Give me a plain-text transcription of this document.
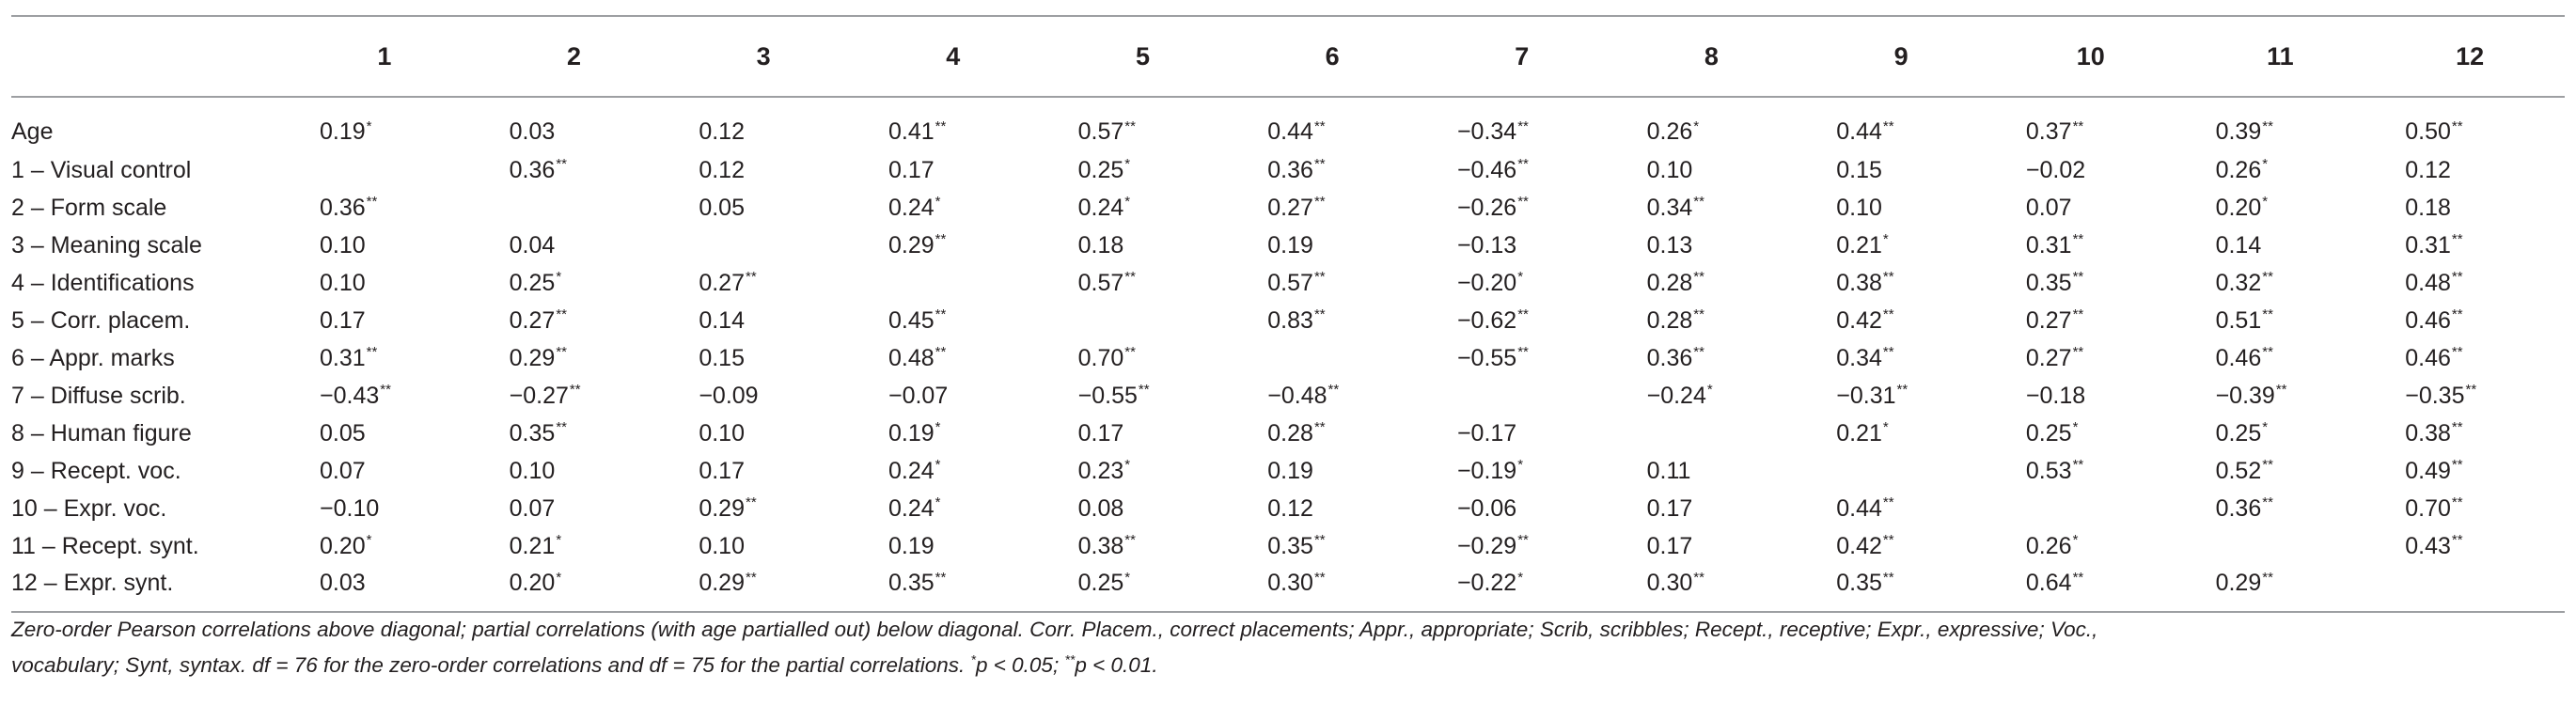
	1	2	3	4	5	6	7	8	9	10	11	12
Age	0.19*	0.03	0.12	0.41**	0.57**	0.44**	−0.34**	0.26*	0.44**	0.37**	0.39**	0.50**
1 – Visual control		0.36**	0.12	0.17	0.25*	0.36**	−0.46**	0.10	0.15	−0.02	0.26*	0.12
2 – Form scale	0.36**		0.05	0.24*	0.24*	0.27**	−0.26**	0.34**	0.10	0.07	0.20*	0.18
3 – Meaning scale	0.10	0.04		0.29**	0.18	0.19	−0.13	0.13	0.21*	0.31**	0.14	0.31**
4 – Identifications	0.10	0.25*	0.27**		0.57**	0.57**	−0.20*	0.28**	0.38**	0.35**	0.32**	0.48**
5 – Corr. placem.	0.17	0.27**	0.14	0.45**		0.83**	−0.62**	0.28**	0.42**	0.27**	0.51**	0.46**
6 – Appr. marks	0.31**	0.29**	0.15	0.48**	0.70**		−0.55**	0.36**	0.34**	0.27**	0.46**	0.46**
7 – Diffuse scrib.	−0.43**	−0.27**	−0.09	−0.07	−0.55**	−0.48**		−0.24*	−0.31**	−0.18	−0.39**	−0.35**
8 – Human figure	0.05	0.35**	0.10	0.19*	0.17	0.28**	−0.17		0.21*	0.25*	0.25*	0.38**
9 – Recept. voc.	0.07	0.10	0.17	0.24*	0.23*	0.19	−0.19*	0.11		0.53**	0.52**	0.49**
10 – Expr. voc.	−0.10	0.07	0.29**	0.24*	0.08	0.12	−0.06	0.17	0.44**		0.36**	0.70**
11 – Recept. synt.	0.20*	0.21*	0.10	0.19	0.38**	0.35**	−0.29**	0.17	0.42**	0.26*		0.43**
12 – Expr. synt.	0.03	0.20*	0.29**	0.35**	0.25*	0.30**	−0.22*	0.30**	0.35**	0.64**	0.29**	
Zero-order Pearson correlations above diagonal; partial correlations (with age partialled out) below diagonal. Corr. Placem., correct placements; Appr., appropriate; Scrib, scribbles; Recept., receptive; Expr., expressive; Voc.,
vocabulary; Synt, syntax. df = 76 for the zero-order correlations and df = 75 for the partial correlations. *p < 0.05; **p < 0.01.
